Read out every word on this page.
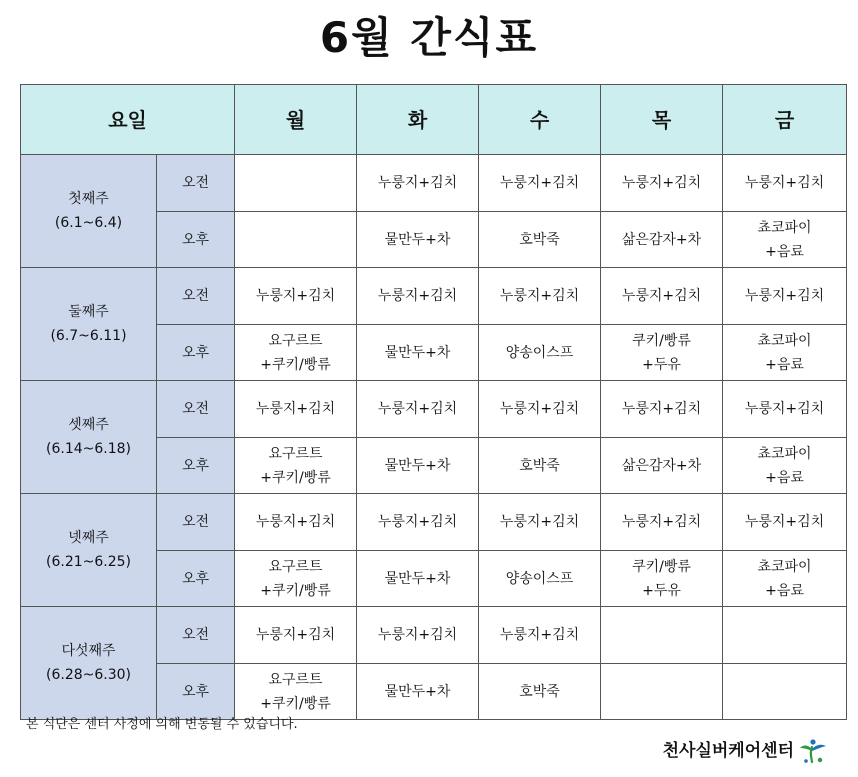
6월 간식표
요일		월	화	수	목	금
첫째주
(6.1~6.4)	오전		누룽지+김치	누룽지+김치	누룽지+김치	누룽지+김치
	오후		물만두+차	호박죽	삶은감자+차	쵸코파이
+음료
둘째주
(6.7~6.11)	오전	누룽지+김치	누룽지+김치	누룽지+김치	누룽지+김치	누룽지+김치
	오후	요구르트
+쿠키/빵류	물만두+차	양송이스프	쿠키/빵류
+두유	쵸코파이
+음료
셋째주
(6.14~6.18)	오전	누룽지+김치	누룽지+김치	누룽지+김치	누룽지+김치	누룽지+김치
	오후	요구르트
+쿠키/빵류	물만두+차	호박죽	삶은감자+차	쵸코파이
+음료
넷째주
(6.21~6.25)	오전	누룽지+김치	누룽지+김치	누룽지+김치	누룽지+김치	누룽지+김치
	오후	요구르트
+쿠키/빵류	물만두+차	양송이스프	쿠키/빵류
+두유	쵸코파이
+음료
다섯째주
(6.28~6.30)	오전	누룽지+김치	누룽지+김치	누룽지+김치		
	오후	요구르트
+쿠키/빵류	물만두+차	호박죽		
본 식단은 센터 사정에 의해 변동될 수 있습니다.
천사실버케어센터
